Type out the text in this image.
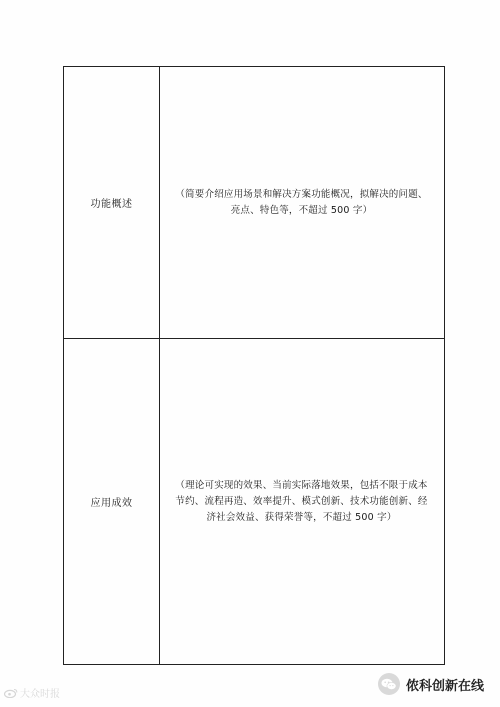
功能概述
（简要介绍应用场景和解决方案功能概况，拟解决的问题、亮点、特色等，不超过 500 字）
应用成效
（理论可实现的效果、当前实际落地效果，包括不限于成本节约、流程再造、效率提升、模式创新、技术功能创新、经济社会效益、获得荣誉等，不超过 500 字）
大众时报
侬科创新在线
